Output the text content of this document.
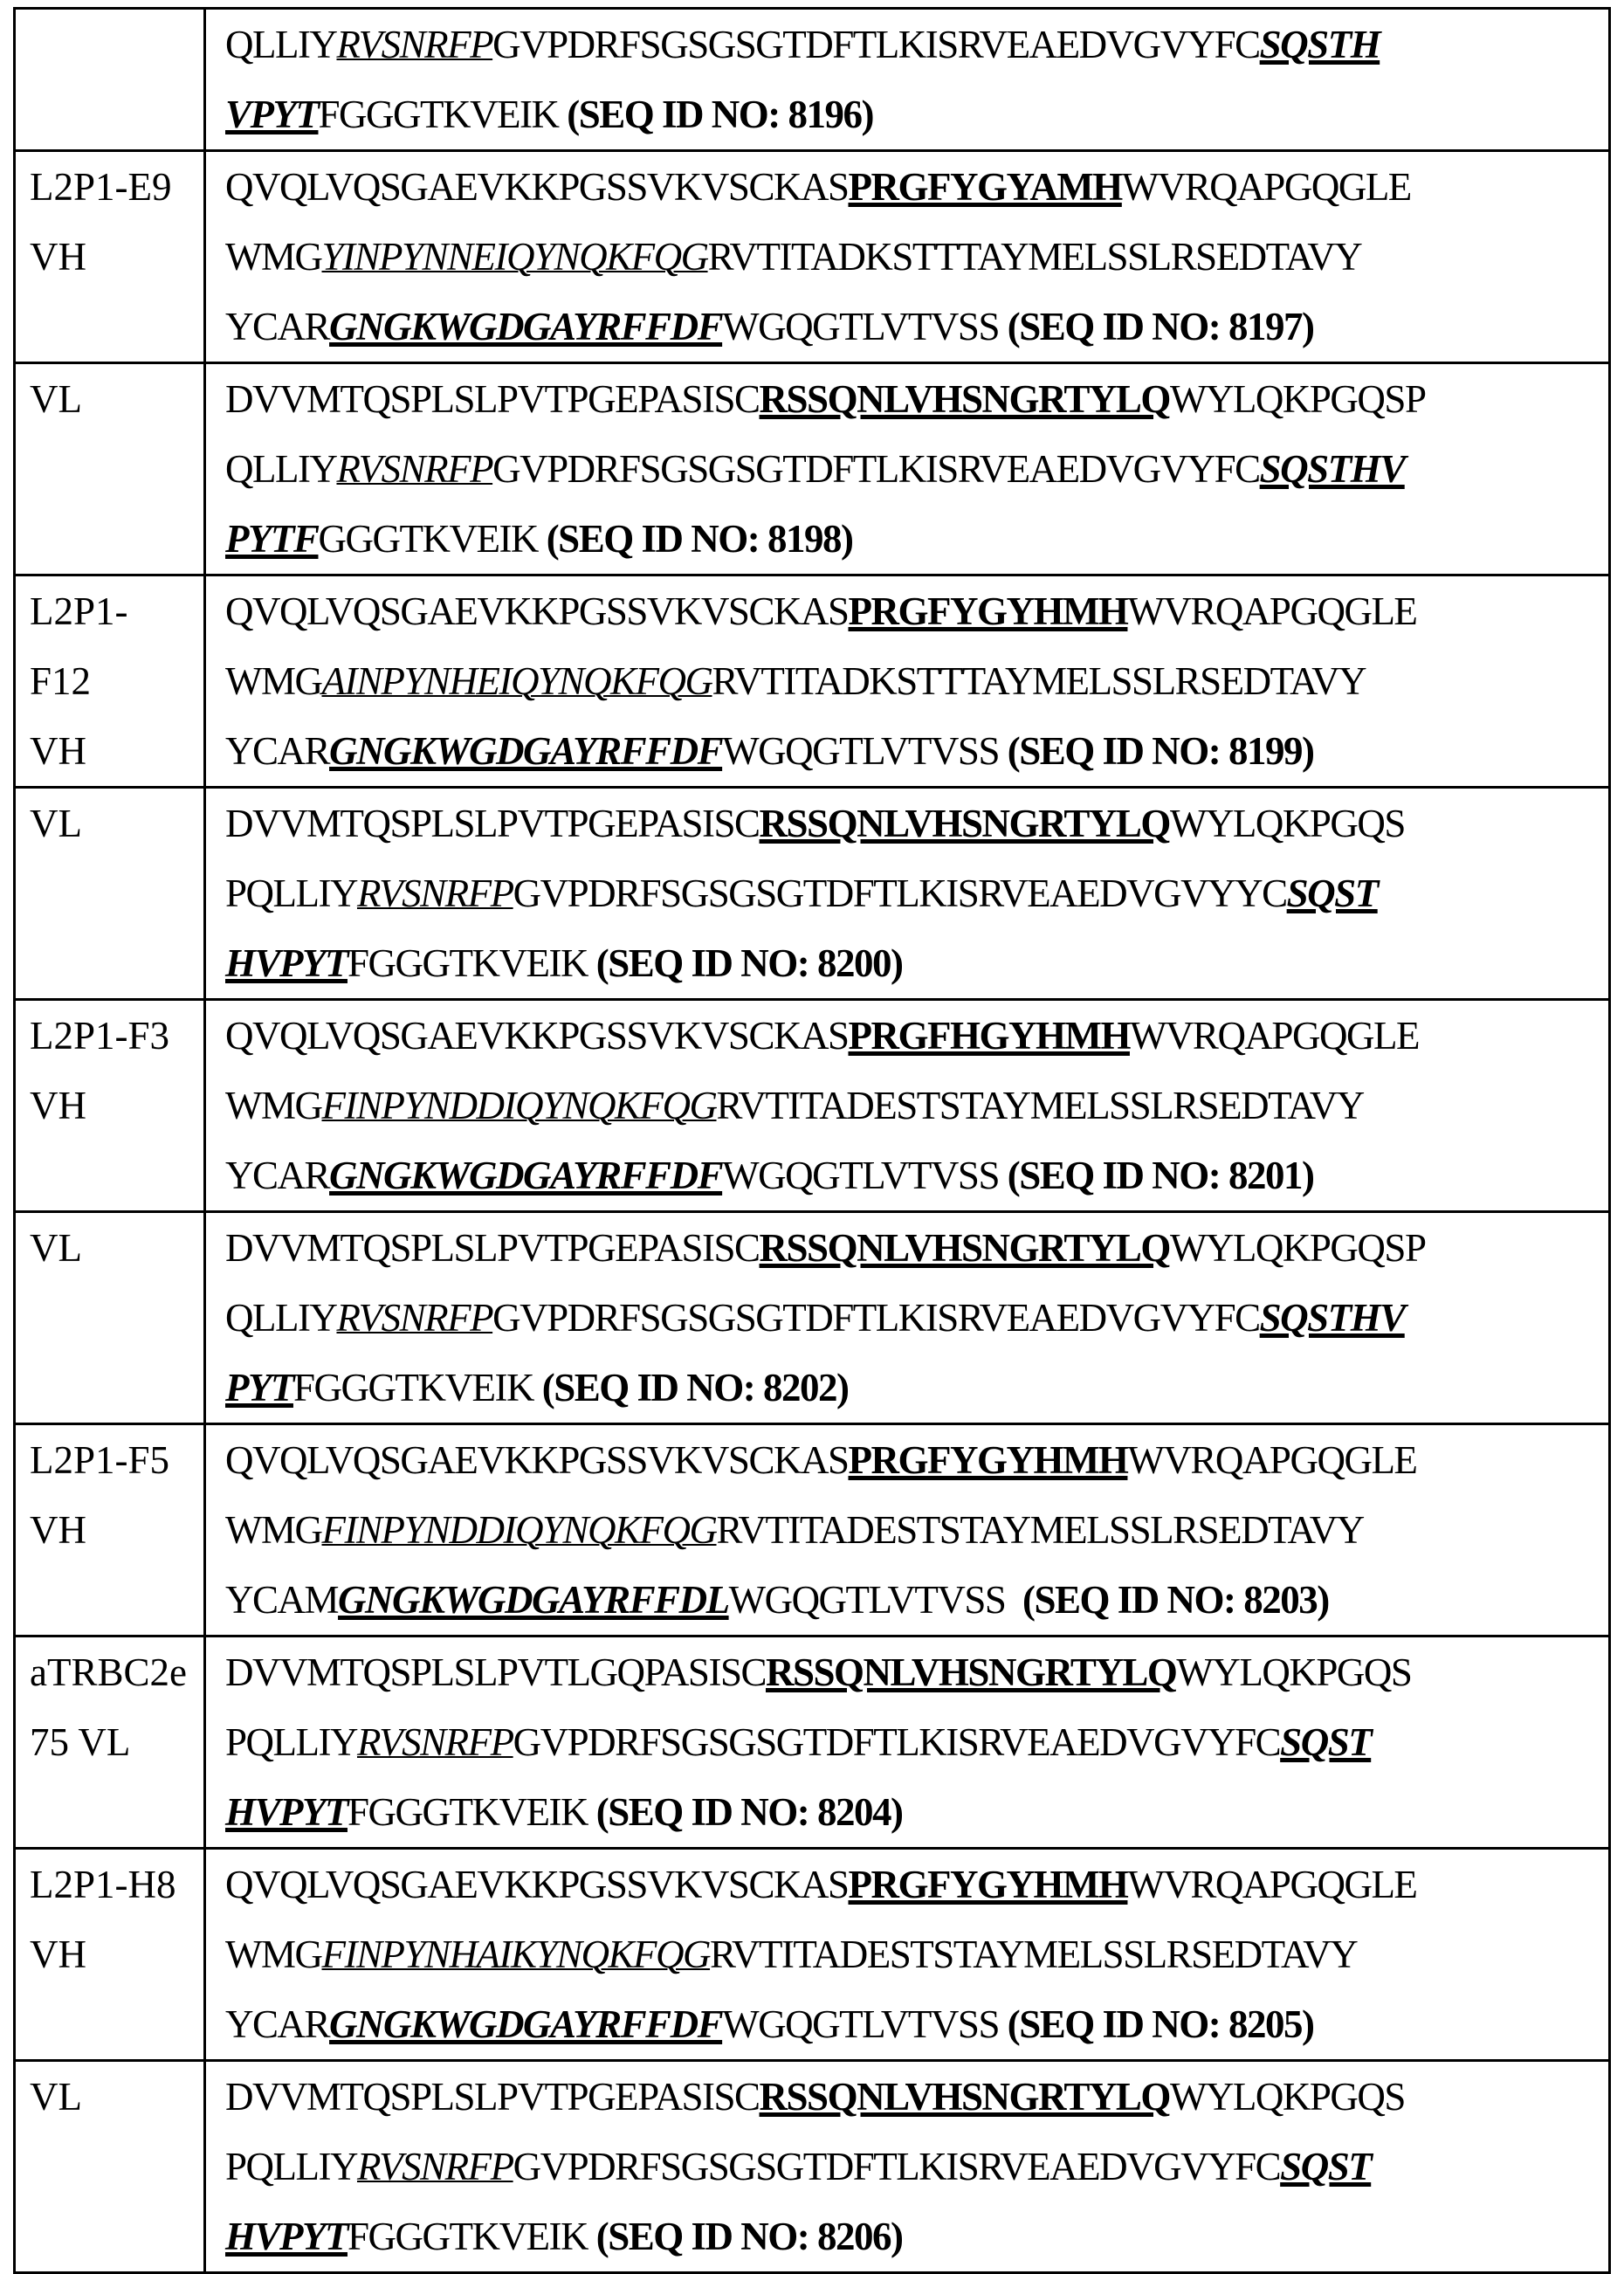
QLLIYRVSNRFPGVPDRFSGSGSGTDFTLKISRVEAEDVGVYFCSQSTH
VPYTFGGGTKVEIK (SEQ ID NO: 8196)

L2P1-E9
VH

QVQLVQSGAEVKKPGSSVKVSCKASPRGFYGYAMHWVRQAPGQGLE
WMGYINPYNNEIQYNQKFQGRVTITADKSTTTAYMELSSLRSEDTAVY
YCARGNGKWGDGAYRFFDFWGQGTLVTVSS (SEQ ID NO: 8197)

VL	DVVMTQSPLSLPVTPGEPASISCRSSQNLVHSNGRTYLQWYLQKPGQSP
QLLIYRVSNRFPGVPDRFSGSGSGTDFTLKISRVEAEDVGVYFCSQSTHV
PYTFGGGTKVEIK (SEQ ID NO: 8198)

L2P1-
F12
VH

QVQLVQSGAEVKKPGSSVKVSCKASPRGFYGYHMHWVRQAPGQGLE
WMGAINPYNHEIQYNQKFQGRVTITADKSTTTAYMELSSLRSEDTAVY
YCARGNGKWGDGAYRFFDFWGQGTLVTVSS (SEQ ID NO: 8199)

VL	DVVMTQSPLSLPVTPGEPASISCRSSQNLVHSNGRTYLQWYLQKPGQS
PQLLIYRVSNRFPGVPDRFSGSGSGTDFTLKISRVEAEDVGVYYCSQST
HVPYTFGGGTKVEIK (SEQ ID NO: 8200)

L2P1-F3
VH

QVQLVQSGAEVKKPGSSVKVSCKASPRGFHGYHMHWVRQAPGQGLE
WMGFINPYNDDIQYNQKFQGRVTITADESTSTAYMELSSLRSEDTAVY
YCARGNGKWGDGAYRFFDFWGQGTLVTVSS (SEQ ID NO: 8201)

VL	DVVMTQSPLSLPVTPGEPASISCRSSQNLVHSNGRTYLQWYLQKPGQSP
QLLIYRVSNRFPGVPDRFSGSGSGTDFTLKISRVEAEDVGVYFCSQSTHV
PYTFGGGTKVEIK (SEQ ID NO: 8202)

L2P1-F5
VH

QVQLVQSGAEVKKPGSSVKVSCKASPRGFYGYHMHWVRQAPGQGLE
WMGFINPYNDDIQYNQKFQGRVTITADESTSTAYMELSSLRSEDTAVY
YCAMGNGKWGDGAYRFFDLWGQGTLVTVSS  (SEQ ID NO: 8203)

aTRBC2e
75 VL

DVVMTQSPLSLPVTLGQPASISCRSSQNLVHSNGRTYLQWYLQKPGQS
PQLLIYRVSNRFPGVPDRFSGSGSGTDFTLKISRVEAEDVGVYFCSQST
HVPYTFGGGTKVEIK (SEQ ID NO: 8204)

L2P1-H8
VH

QVQLVQSGAEVKKPGSSVKVSCKASPRGFYGYHMHWVRQAPGQGLE
WMGFINPYNHAIKYNQKFQGRVTITADESTSTAYMELSSLRSEDTAVY
YCARGNGKWGDGAYRFFDFWGQGTLVTVSS (SEQ ID NO: 8205)

VL	DVVMTQSPLSLPVTPGEPASISCRSSQNLVHSNGRTYLQWYLQKPGQS
PQLLIYRVSNRFPGVPDRFSGSGSGTDFTLKISRVEAEDVGVYFCSQST
HVPYTFGGGTKVEIK (SEQ ID NO: 8206)
